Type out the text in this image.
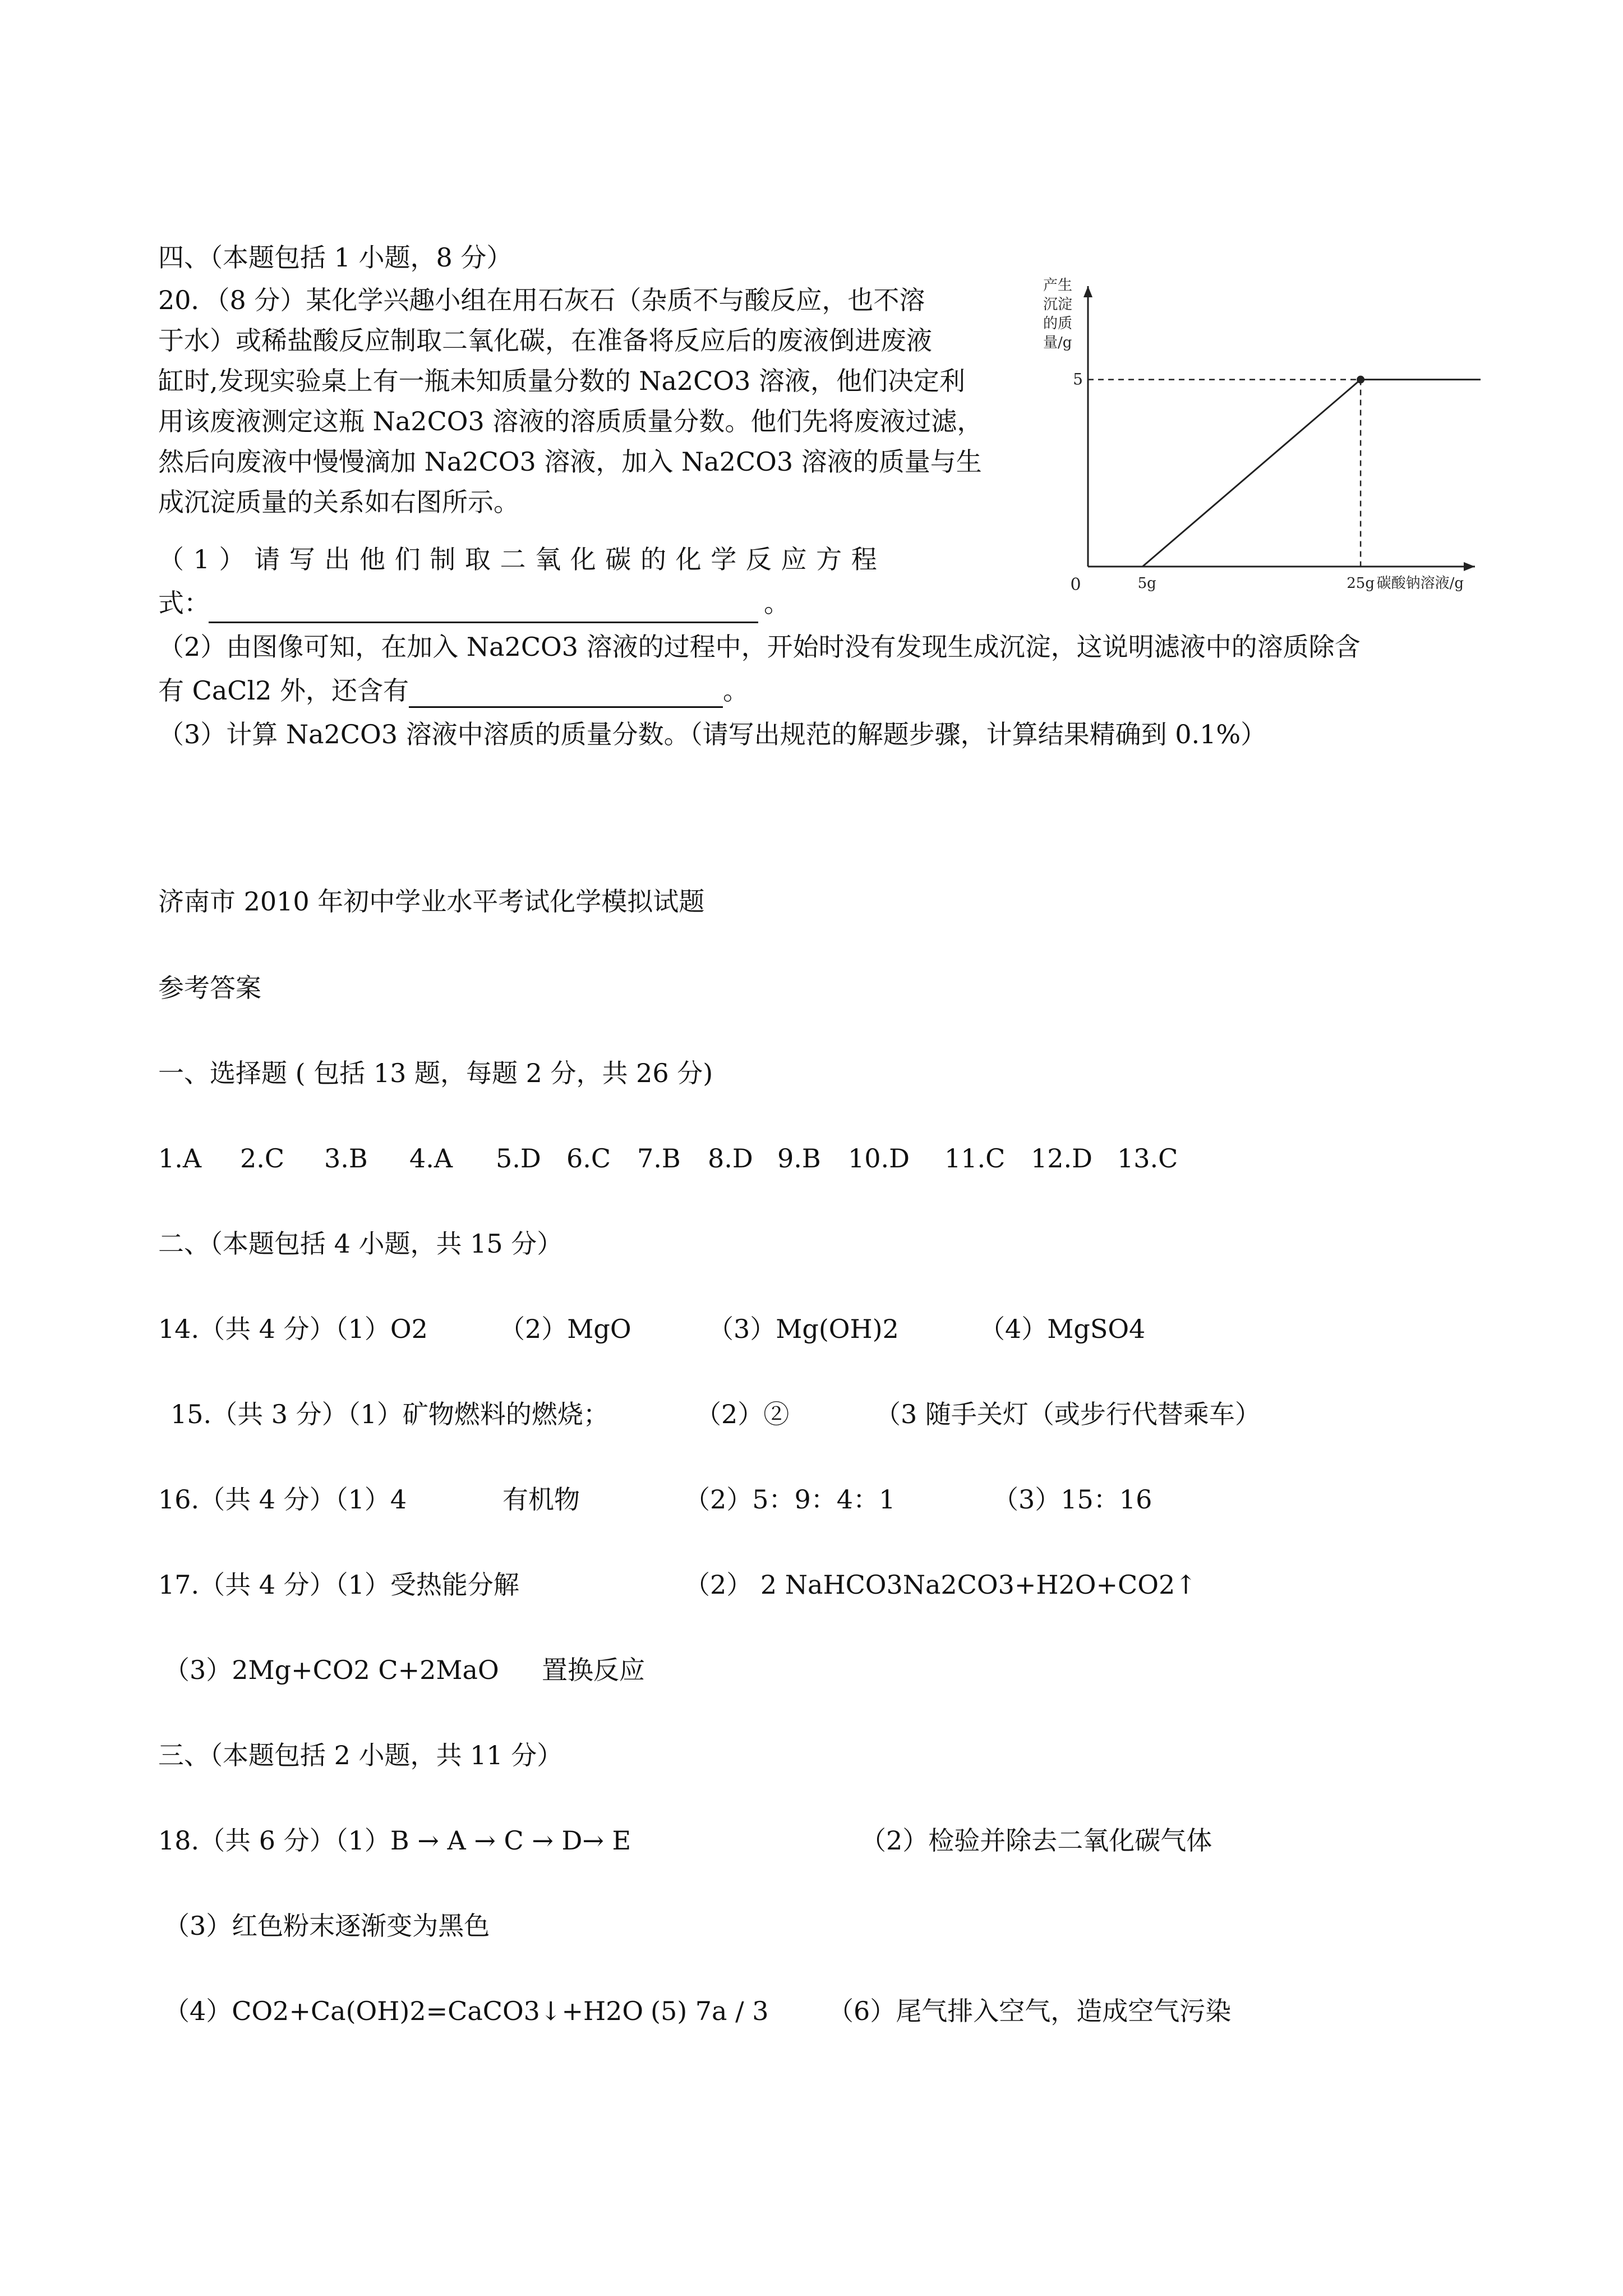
四、（本题包括 1 小题，8 分）
20．（8 分）某化学兴趣小组在用石灰石（杂质不与酸反应，也不溶
于水）或稀盐酸反应制取二氧化碳，在准备将反应后的废液倒进废液
缸时,发现实验桌上有一瓶未知质量分数的 Na2CO3 溶液，他们决定利
用该废液测定这瓶 Na2CO3 溶液的溶质质量分数。他们先将废液过滤，
然后向废液中慢慢滴加 Na2CO3 溶液，加入 Na2CO3 溶液的质量与生
成沉淀质量的关系如右图所示。
（ 1 ） 请 写 出 他 们 制 取 二 氧 化 碳 的 化 学 反 应 方 程
式：	。
（2）由图像可知，在加入 Na2CO3 溶液的过程中，开始时没有发现生成沉淀，这说明滤液中的溶质除含
有 CaCl2 外，还含有	。
（3）计算 Na2CO3 溶液中溶质的质量分数。（请写出规范的解题步骤，计算结果精确到 0.1%）
产生
沉淀
的质
量/g
0	5g	25g
5
碳酸钠溶液/g
济南市 2010 年初中学业水平考试化学模拟试题
参考答案
一、选择题 ( 包括 13 题，每题 2 分，共 26 分)
1.A 2.C 3.B 4.A 5.D 6.C 7.B 8.D 9.B 10.D 11.C 12.D 13.C
二、（本题包括 4 小题，共 15 分）
14.（共 4 分）（1）O2	（2）MgO	（3）Mg(OH)2	（4）MgSO4
15.（共 3 分）（1）矿物燃料的燃烧；	（2）②	（3 随手关灯（或步行代替乘车）
16.（共 4 分）（1）4	有机物	（2）5：9：4：1	（3）15：16
17.（共 4 分）（1）受热能分解	（2） 2 NaHCO3Na2CO3+H2O+CO2↑
（3）2Mg+CO2 C+2MaO 置换反应
三、（本题包括 2 小题，共 11 分）
18.（共 6 分）（1）B → A → C → D→ E	（2）检验并除去二氧化碳气体
（3）红色粉末逐渐变为黑色
（4）CO2+Ca(OH)2=CaCO3↓+H2O (5) 7a / 3 （6）尾气排入空气，造成空气污染
